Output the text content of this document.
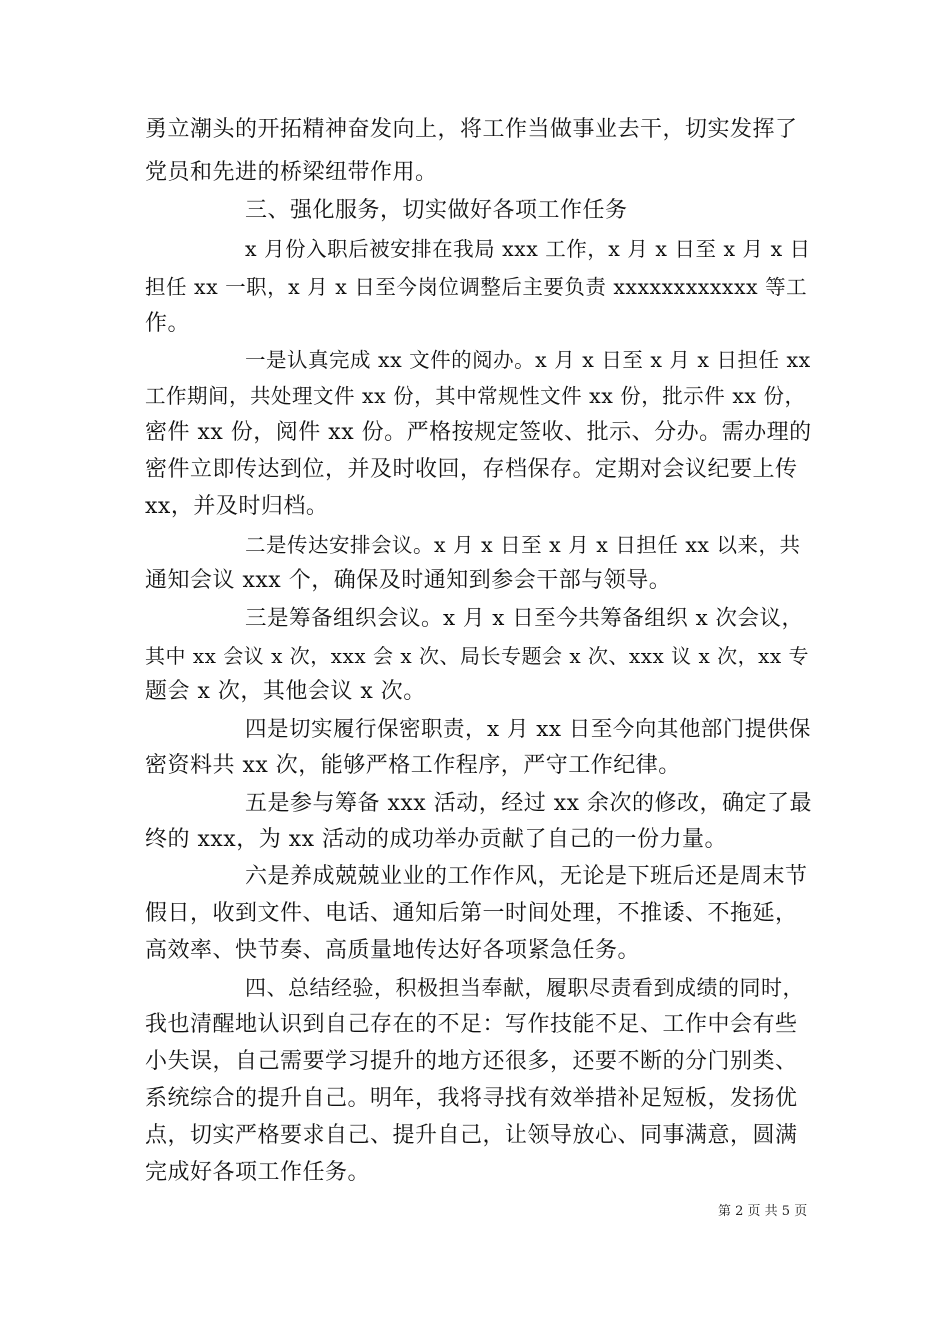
勇立潮头的开拓精神奋发向上，将工作当做事业去干，切实发挥了
党员和先进的桥梁纽带作用。
三、强化服务，切实做好各项工作任务
x 月份入职后被安排在我局 xxx 工作，x 月 x 日至 x 月 x 日
担任 xx 一职，x 月 x 日至今岗位调整后主要负责 xxxxxxxxxxxx 等工
作。
一是认真完成 xx 文件的阅办。x 月 x 日至 x 月 x 日担任 xx
工作期间，共处理文件 xx 份，其中常规性文件 xx 份，批示件 xx 份，
密件 xx 份，阅件 xx 份。严格按规定签收、批示、分办。需办理的
密件立即传达到位，并及时收回，存档保存。定期对会议纪要上传
xx，并及时归档。
二是传达安排会议。x 月 x 日至 x 月 x 日担任 xx 以来，共
通知会议 xxx 个，确保及时通知到参会干部与领导。
三是筹备组织会议。x 月 x 日至今共筹备组织 x 次会议，
其中 xx 会议 x 次，xxx 会 x 次、局长专题会 x 次、xxx 议 x 次，xx 专
题会 x 次，其他会议 x 次。
四是切实履行保密职责，x 月 xx 日至今向其他部门提供保
密资料共 xx 次，能够严格工作程序，严守工作纪律。
五是参与筹备 xxx 活动，经过 xx 余次的修改，确定了最
终的 xxx，为 xx 活动的成功举办贡献了自己的一份力量。
六是养成兢兢业业的工作作风，无论是下班后还是周末节
假日，收到文件、电话、通知后第一时间处理，不推诿、不拖延，
高效率、快节奏、高质量地传达好各项紧急任务。
四、总结经验，积极担当奉献，履职尽责看到成绩的同时，
我也清醒地认识到自己存在的不足：写作技能不足、工作中会有些
小失误，自己需要学习提升的地方还很多，还要不断的分门别类、
系统综合的提升自己。明年，我将寻找有效举措补足短板，发扬优
点，切实严格要求自己、提升自己，让领导放心、同事满意，圆满
完成好各项工作任务。
第 2 页 共 5 页
